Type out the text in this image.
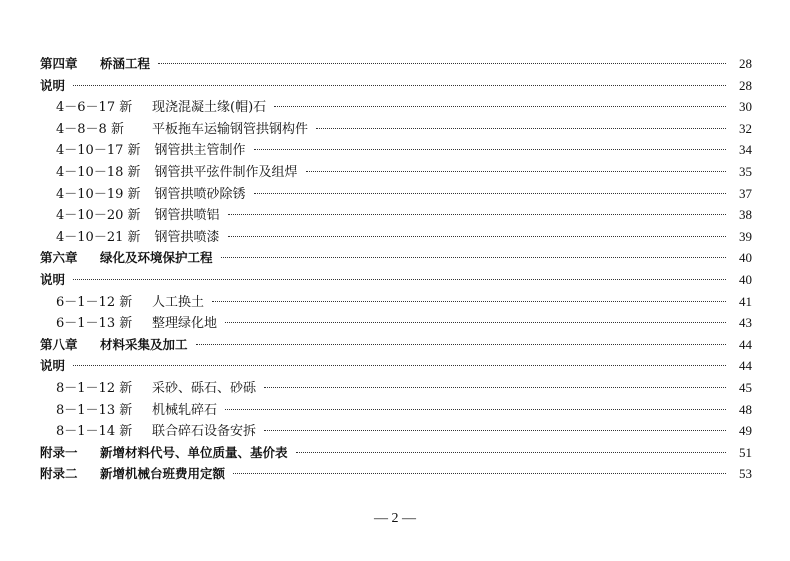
第四章	桥涵工程	28
说明	28
4－6－17 新	现浇混凝土缘(帽)石	30
4－8－8 新	平板拖车运输钢管拱钢构件	32
4－10－17 新 钢管拱主管制作	34
4－10－18 新 钢管拱平弦件制作及组焊	35
4－10－19 新 钢管拱喷砂除锈	37
4－10－20 新 钢管拱喷铝	38
4－10－21 新 钢管拱喷漆	39
第六章	绿化及环境保护工程	40
说明	40
6－1－12 新	人工换土	41
6－1－13 新	整理绿化地	43
第八章	材料采集及加工	44
说明	44
8－1－12 新	采砂、砾石、砂砾	45
8－1－13 新	机械轧碎石	48
8－1－14 新	联合碎石设备安拆	49
附录一	新增材料代号、单位质量、基价表	51
附录二	新增机械台班费用定额	53
— 2 —
